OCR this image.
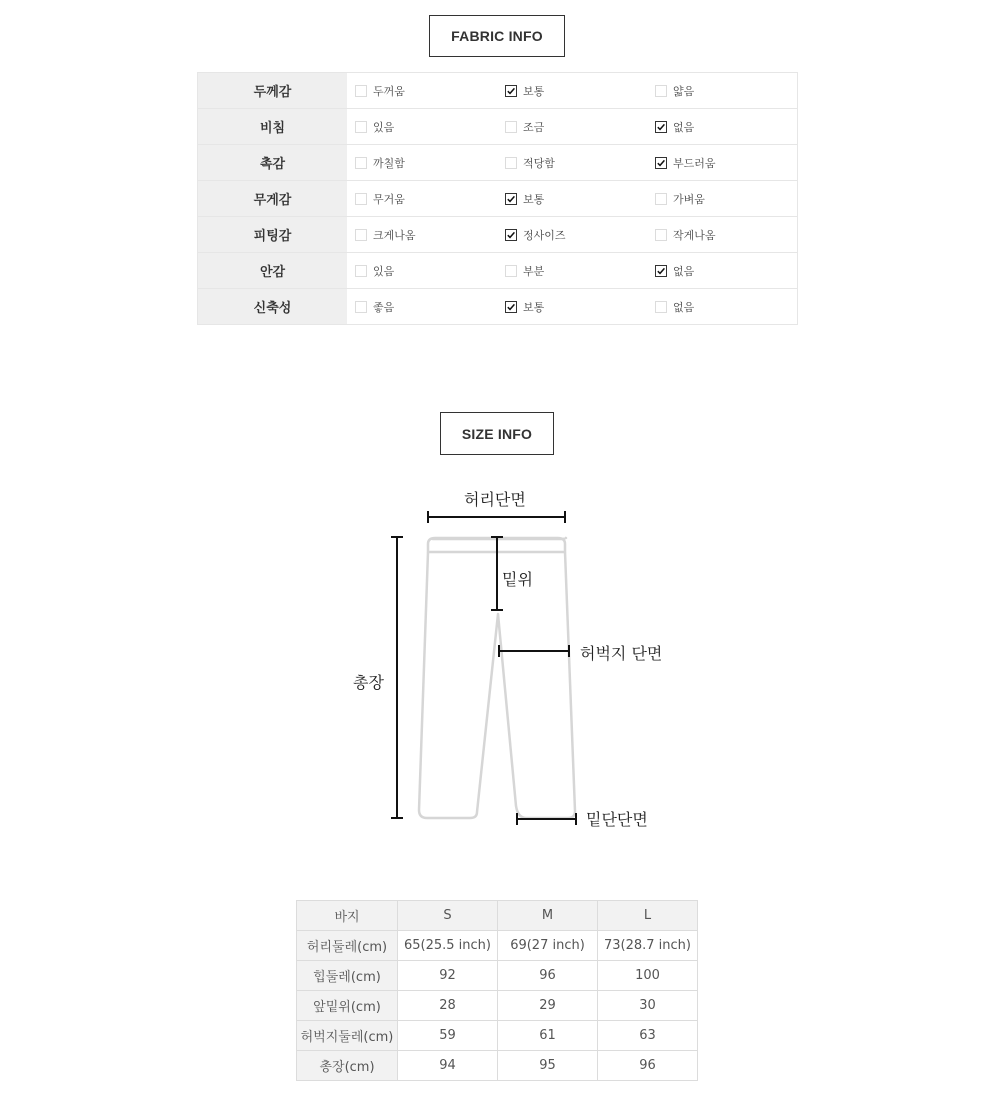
FABRIC INFO
두께감	두꺼움	보통	얇음

비침	있음	조금	없음

촉감	까칠함	적당함	부드러움

무게감	무거움	보통	가벼움

피팅감	크게나옴	정사이즈	작게나옴

안감	있음	부분	없음

신축성	좋음	보통	없음
SIZE INFO
허리단면
밑위
허벅지 단면
총장
밑단단면
바지	S	M	L
허리둘레(cm)	65(25.5 inch)	69(27 inch)	73(28.7 inch)
힙둘레(cm)	92	96	100
앞밑위(cm)	28	29	30
허벅지둘레(cm)	59	61	63
총장(cm)	94	95	96
